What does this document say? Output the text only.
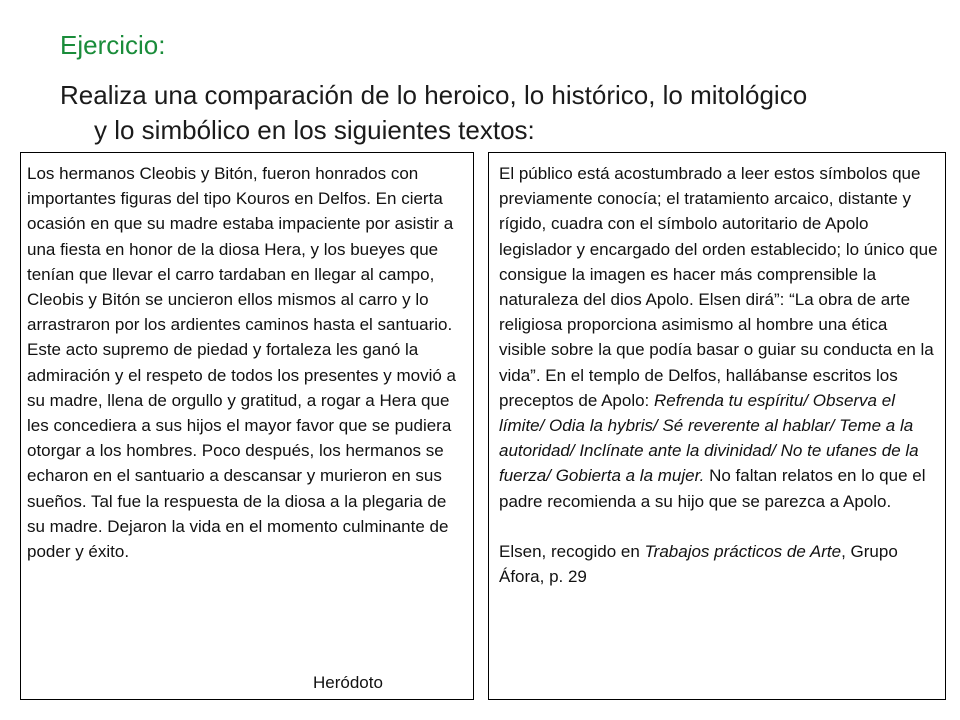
Ejercicio:
Realiza una comparación de lo heroico, lo histórico, lo mitológico
y lo simbólico en los siguientes textos:

Los hermanos Cleobis y Bitón, fueron honrados con importantes figuras del tipo Kouros en Delfos. En cierta ocasión en que su madre estaba impaciente por asistir a una fiesta en honor de la diosa Hera, y los bueyes que tenían que llevar el carro tardaban en llegar al campo, Cleobis y Bitón se uncieron ellos mismos al carro y lo arrastraron por los ardientes caminos hasta el santuario. Este acto supremo de piedad y fortaleza les ganó la admiración y el respeto de todos los presentes y movió a su madre, llena de orgullo y gratitud, a rogar a Hera que les concediera a sus hijos el mayor favor que se pudiera otorgar a los hombres. Poco después, los hermanos se echaron en el santuario a descansar y murieron en sus sueños. Tal fue la respuesta de la diosa a la plegaria de su madre. Dejaron la vida en el momento culminante de poder y éxito.

Heródoto

El público está acostumbrado a leer estos símbolos que previamente conocía; el tratamiento arcaico, distante y rígido, cuadra con el símbolo autoritario de Apolo legislador y encargado del orden establecido; lo único que consigue la imagen es hacer más comprensible la naturaleza del dios Apolo. Elsen dirá”: “La obra de arte religiosa proporciona asimismo al hombre una ética visible sobre la que podía basar o guiar su conducta en la vida”. En el templo de Delfos, hallábanse escritos los preceptos de Apolo: Refrenda tu espíritu/ Observa el límite/ Odia la hybris/ Sé reverente al hablar/ Teme a la autoridad/ Inclínate ante la divinidad/ No te ufanes de la fuerza/ Gobierta a la mujer. No faltan relatos en lo que el padre recomienda a su hijo que se parezca a Apolo.

Elsen, recogido en Trabajos prácticos de Arte, Grupo Áfora, p. 29
